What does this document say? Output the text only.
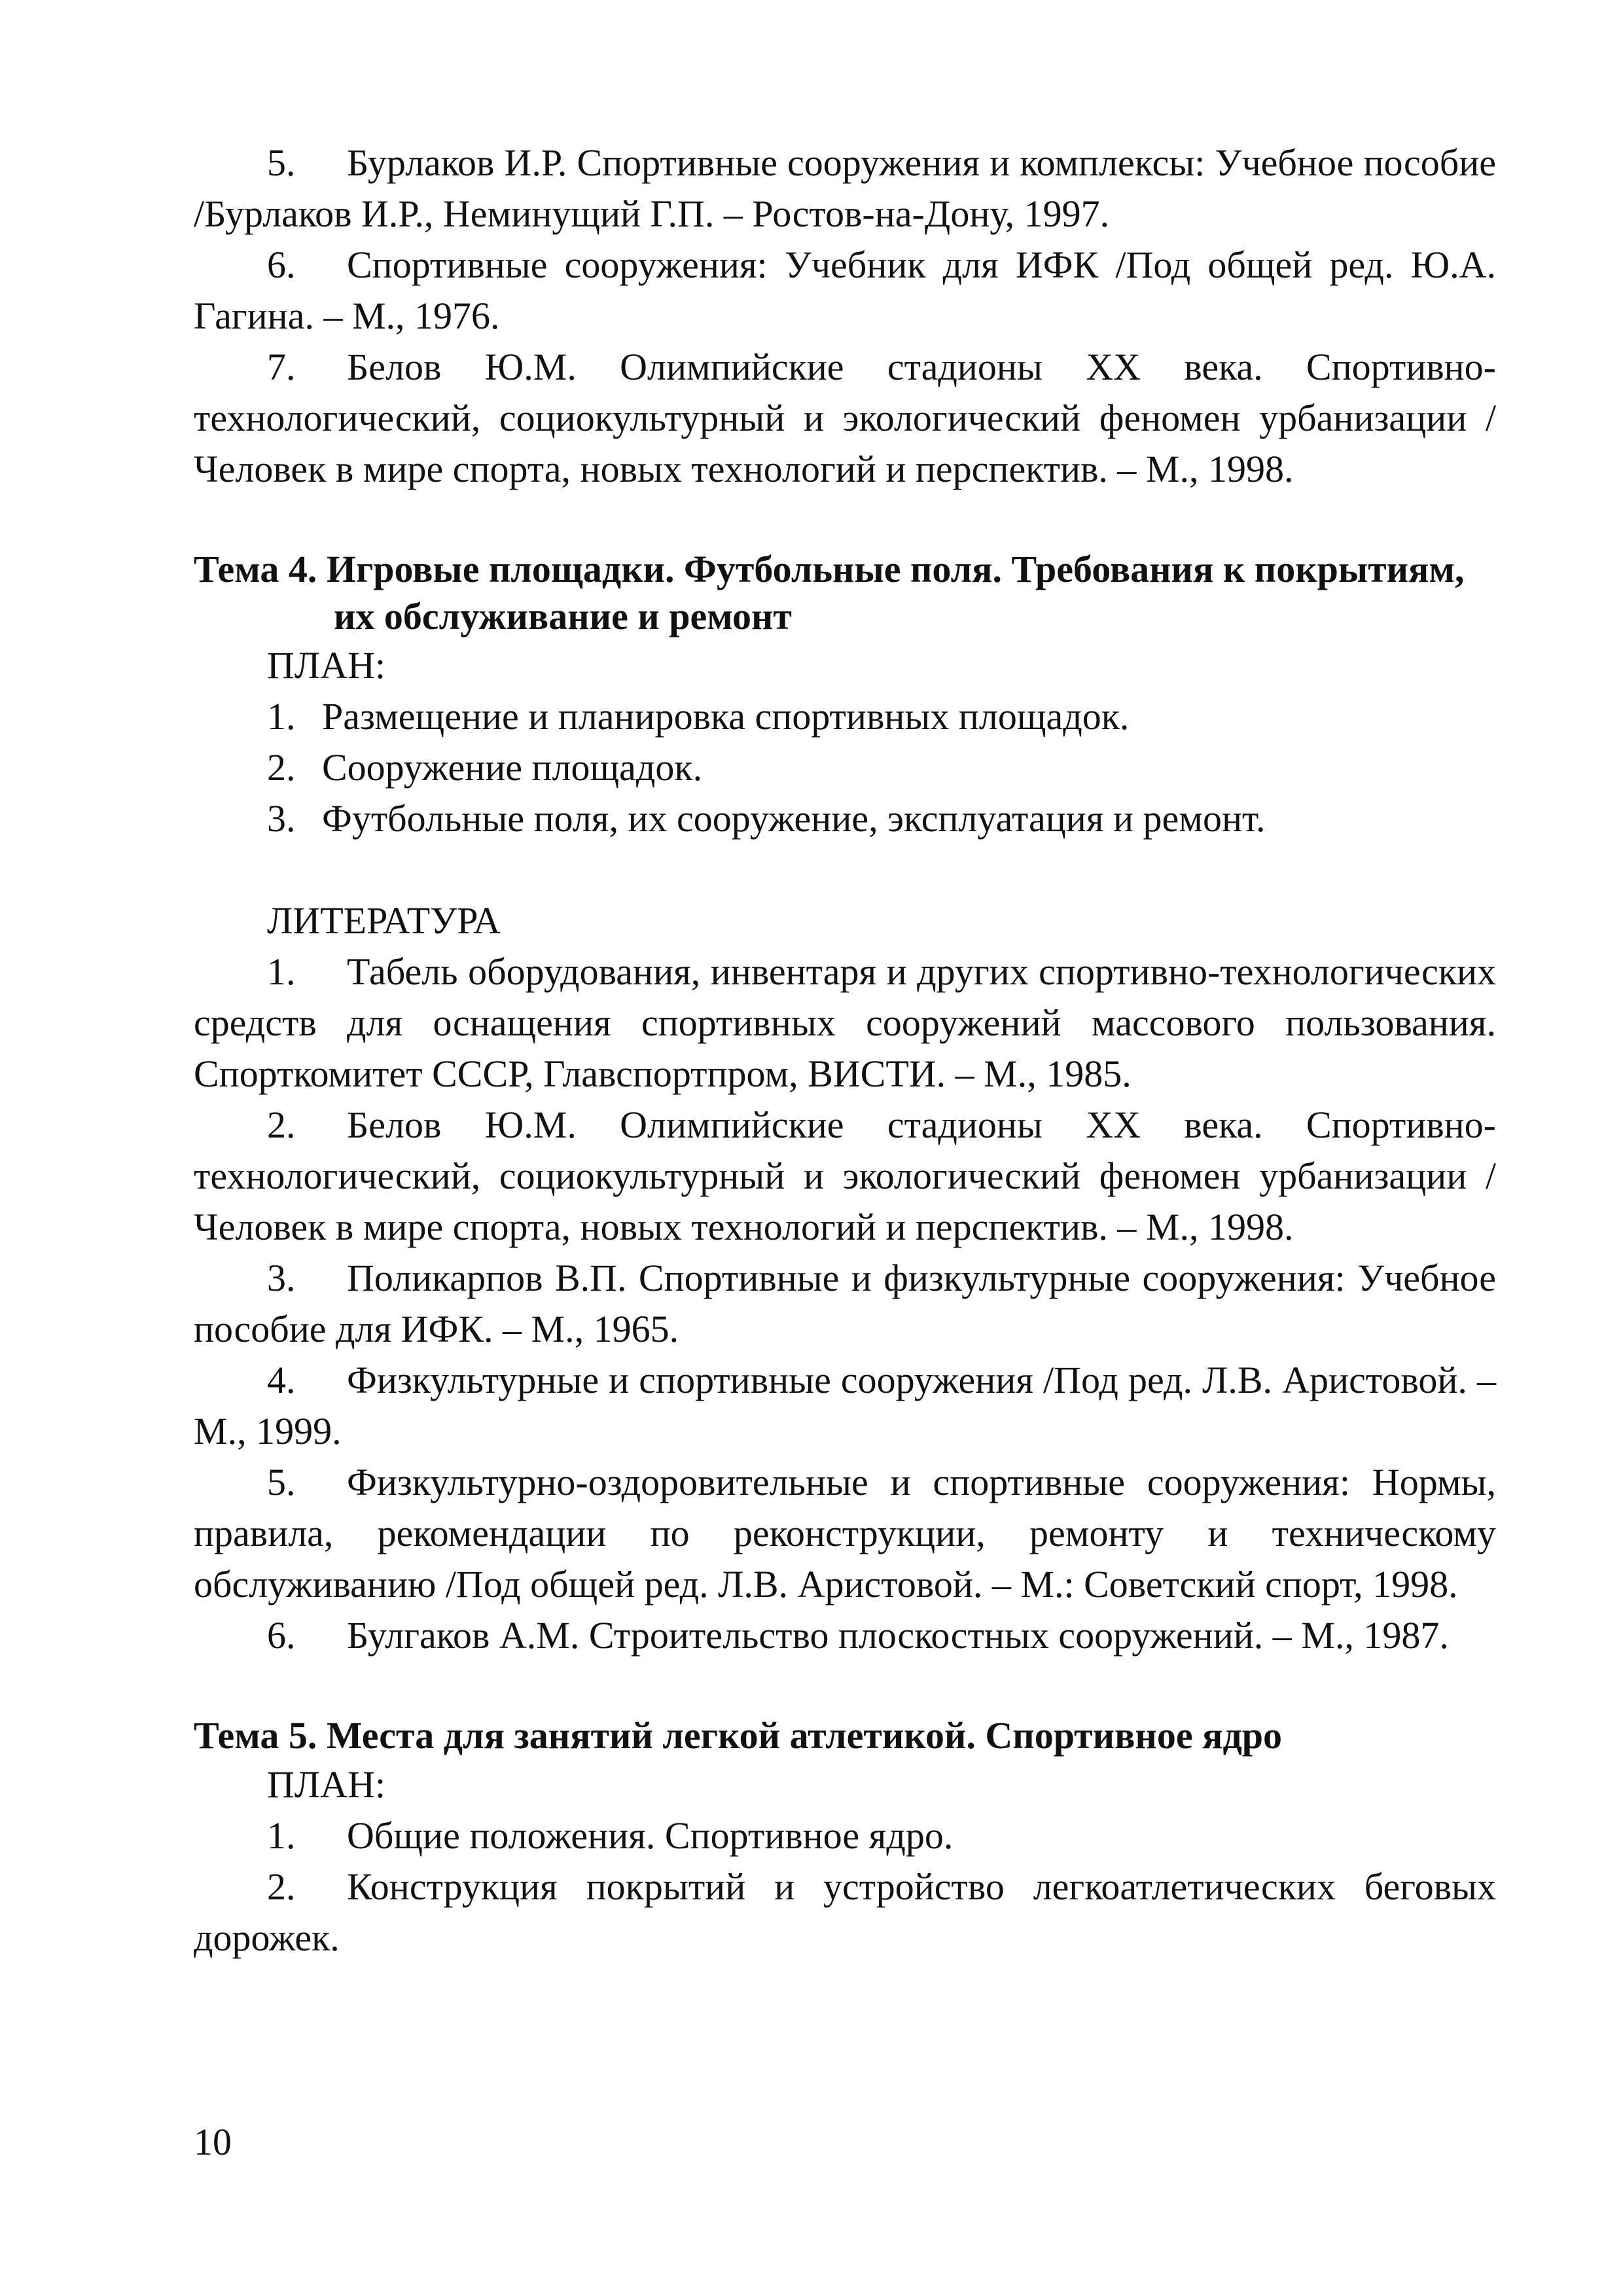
5. Бурлаков И.Р. Спортивные сооружения и комплексы: Учебное пособие /Бурлаков И.Р., Неминущий Г.П. – Ростов-на-Дону, 1997.

6. Спортивные сооружения: Учебник для ИФК /Под общей ред. Ю.А. Гагина. – М., 1976.

7. Белов Ю.М. Олимпийские стадионы XX века. Спортивно-технологический, социокультурный и экологический феномен урбанизации /Человек в мире спорта, новых технологий и перспектив. – М., 1998.

Тема 4. Игровые площадки. Футбольные поля. Требования к покрытиям, их обслуживание и ремонт

ПЛАН:

1. Размещение и планировка спортивных площадок.

2. Сооружение площадок.

3. Футбольные поля, их сооружение, эксплуатация и ремонт.

ЛИТЕРАТУРА

1. Табель оборудования, инвентаря и других спортивно-технологических средств для оснащения спортивных сооружений массового пользования. Спорткомитет СССР, Главспортпром, ВИСТИ. – М., 1985.

2. Белов Ю.М. Олимпийские стадионы XX века. Спортивно-технологический, социокультурный и экологический феномен урбанизации /Человек в мире спорта, новых технологий и перспектив. – М., 1998.

3. Поликарпов В.П. Спортивные и физкультурные сооружения: Учебное пособие для ИФК. – М., 1965.

4. Физкультурные и спортивные сооружения /Под ред. Л.В. Аристовой. – М., 1999.

5. Физкультурно-оздоровительные и спортивные сооружения: Нормы, правила, рекомендации по реконструкции, ремонту и техническому обслуживанию /Под общей ред. Л.В. Аристовой. – М.: Советский спорт, 1998.

6. Булгаков А.М. Строительство плоскостных сооружений. – М., 1987.

Тема 5. Места для занятий легкой атлетикой. Спортивное ядро

ПЛАН:

1. Общие положения. Спортивное ядро.

2. Конструкция покрытий и устройство легкоатлетических беговых дорожек.

10
